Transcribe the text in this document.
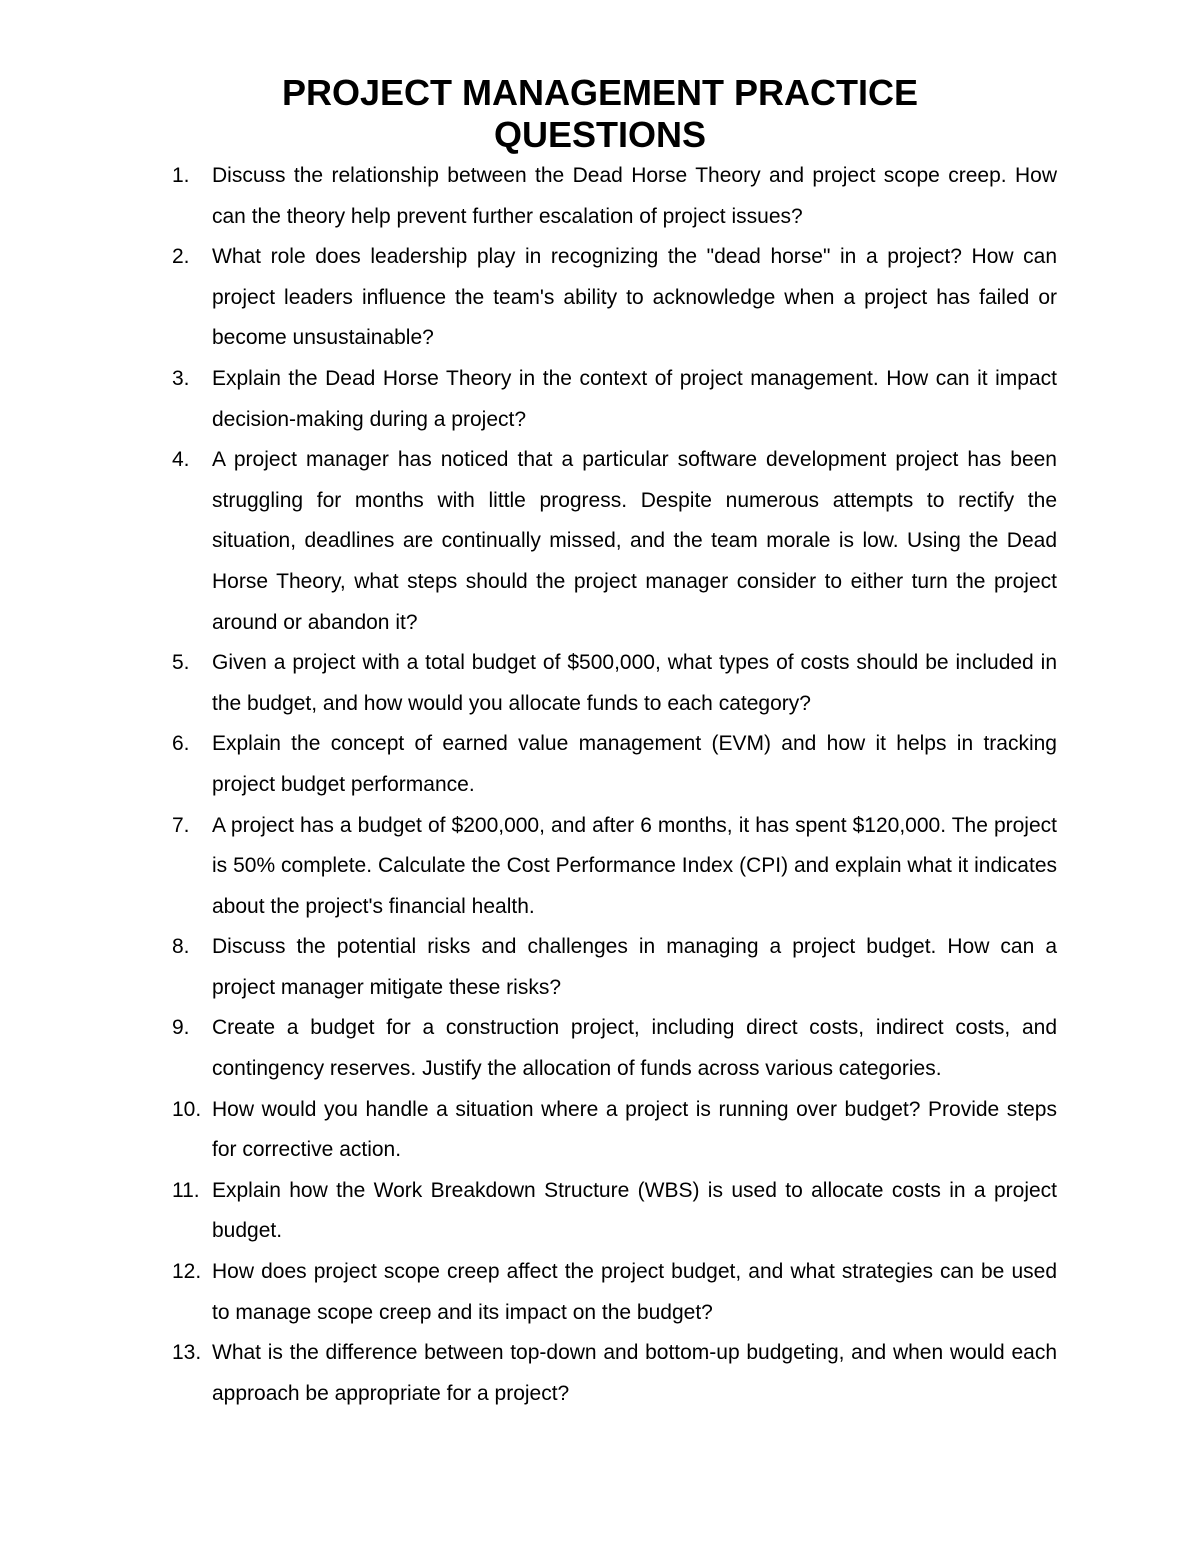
PROJECT MANAGEMENT PRACTICE
QUESTIONS
1. Discuss the relationship between the Dead Horse Theory and project scope creep. How can the theory help prevent further escalation of project issues?
2. What role does leadership play in recognizing the "dead horse" in a project? How can project leaders influence the team's ability to acknowledge when a project has failed or become unsustainable?
3. Explain the Dead Horse Theory in the context of project management. How can it impact decision-making during a project?
4. A project manager has noticed that a particular software development project has been struggling for months with little progress. Despite numerous attempts to rectify the situation, deadlines are continually missed, and the team morale is low. Using the Dead Horse Theory, what steps should the project manager consider to either turn the project around or abandon it?
5. Given a project with a total budget of $500,000, what types of costs should be included in the budget, and how would you allocate funds to each category?
6. Explain the concept of earned value management (EVM) and how it helps in tracking project budget performance.
7. A project has a budget of $200,000, and after 6 months, it has spent $120,000. The project is 50% complete. Calculate the Cost Performance Index (CPI) and explain what it indicates about the project's financial health.
8. Discuss the potential risks and challenges in managing a project budget. How can a project manager mitigate these risks?
9. Create a budget for a construction project, including direct costs, indirect costs, and contingency reserves. Justify the allocation of funds across various categories.
10. How would you handle a situation where a project is running over budget? Provide steps for corrective action.
11. Explain how the Work Breakdown Structure (WBS) is used to allocate costs in a project budget.
12. How does project scope creep affect the project budget, and what strategies can be used to manage scope creep and its impact on the budget?
13. What is the difference between top-down and bottom-up budgeting, and when would each approach be appropriate for a project?
